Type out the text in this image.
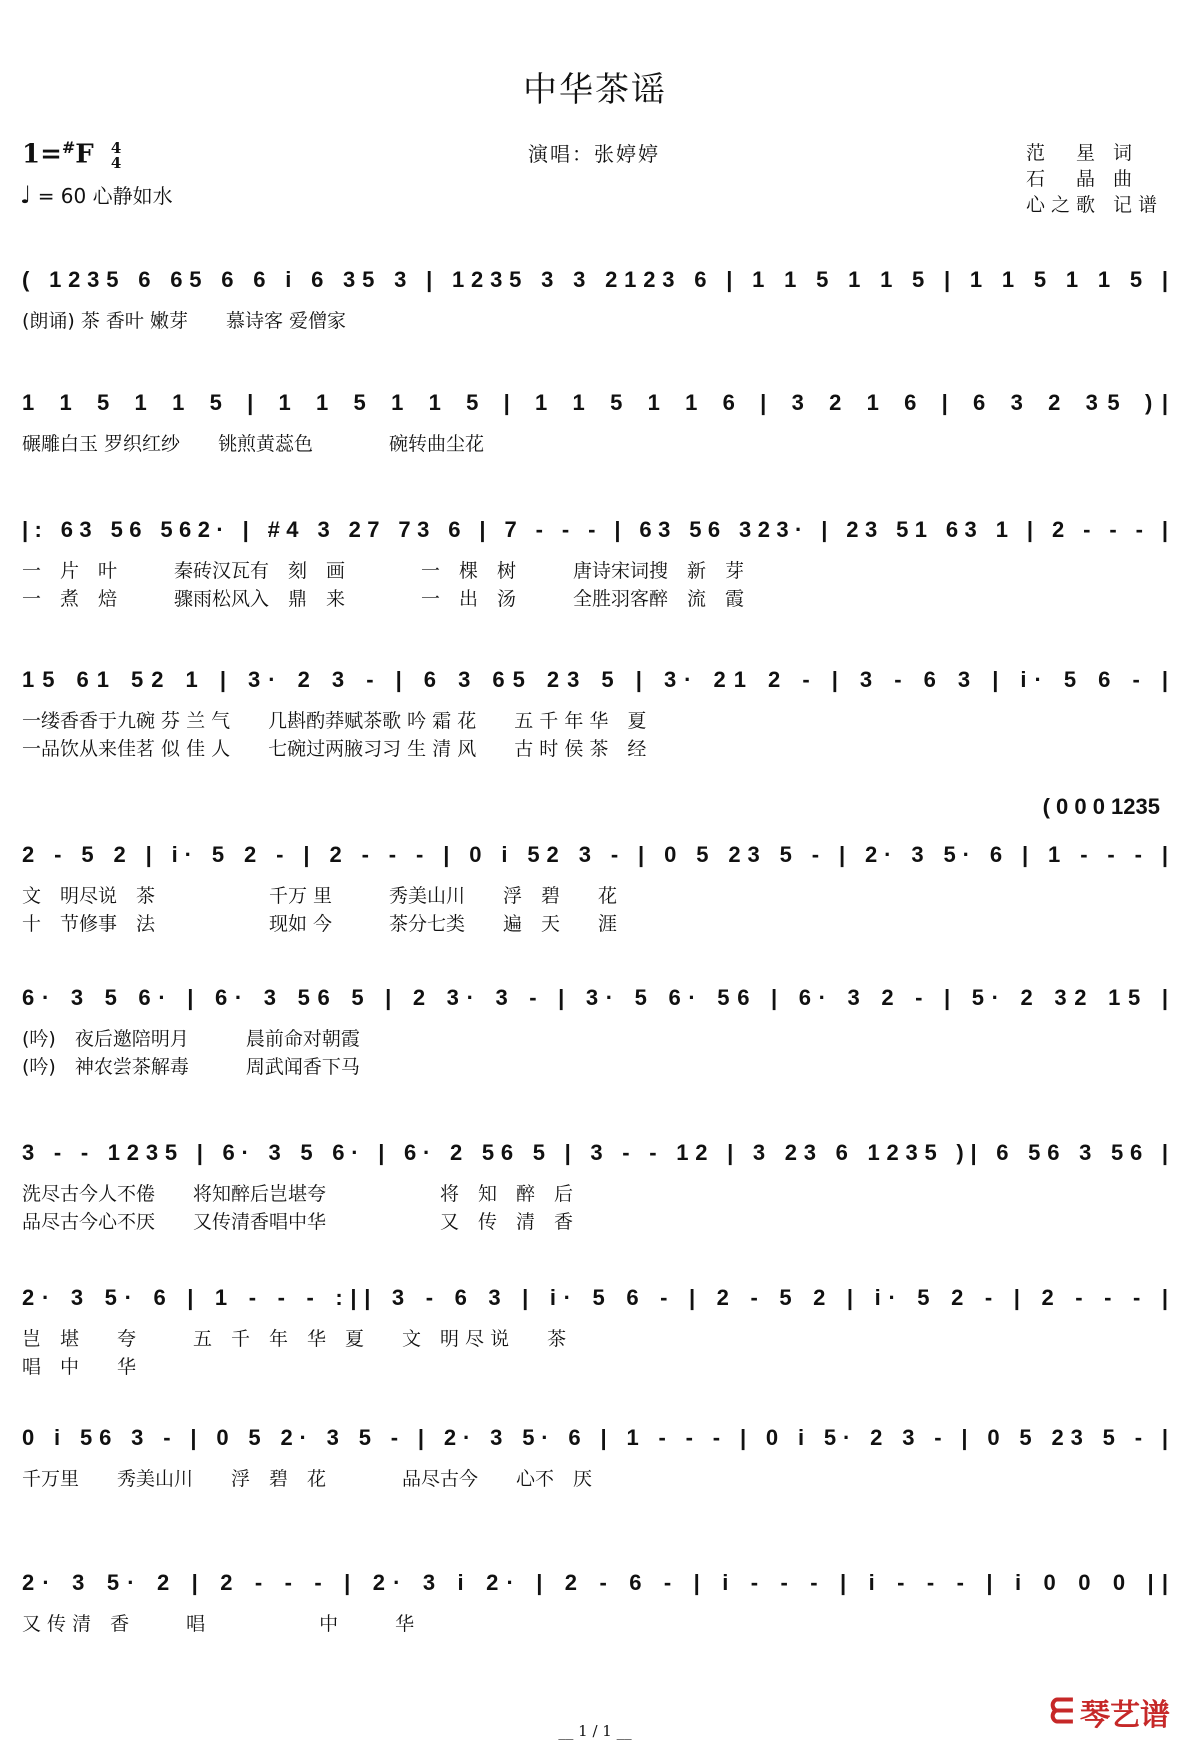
中华茶谣
1=#F 4
4
♩ = 60 心静如水
演唱：张婷婷	范　星 词
石　晶 曲
心之歌 记谱
( 1235 6 65 6 6 i 6 35 3 | 1235 3 3 2123 6 | 1 1 5 1 1 5 | 1 1 5 1 1 5 |
(朗诵) 茶 香叶 嫩芽　　慕诗客 爱僧家
1 1 5 1 1 5 | 1 1 5 1 1 5 | 1 1 5 1 1 6 | 3 2 1 6 | 6 3 2 35 )|
碾雕白玉 罗织红纱　　铫煎黄蕊色　　　　碗转曲尘花
|: 63 56 562· | #4 3 27 73 6 | 7 - - - | 63 56 323· | 23 51 63 1 | 2 - - - |
一　片　叶　　　秦砖汉瓦有　刻　画　　　　一　棵　树　　　唐诗宋词搜　新　芽
一　煮　焙　　　骤雨松风入　鼎　来　　　　一　出　汤　　　全胜羽客醉　流　霞
15 61 52 1 | 3· 2 3 - | 6 3 65 23 5 | 3· 21 2 - | 3 - 6 3 | i· 5 6 - |
一缕香香于九碗 芬 兰 气　　几斟酌莽赋茶歌 吟 霜 花　　五 千 年 华　夏
一品饮从来佳茗 似 佳 人　　七碗过两腋习习 生 清 风　　古 时 侯 茶　经
( 0 0 0 1235
2 - 5 2 | i· 5 2 - | 2 - - - | 0 i 52 3 - | 0 5 23 5 - | 2· 3 5· 6 | 1 - - - |
文　明尽说　茶　　　　　　千万 里　　　秀美山川　　浮　碧　　花
十　节修事　法　　　　　　现如 今　　　茶分七类　　遍　天　　涯
6· 3 5 6· | 6· 3 56 5 | 2 3· 3 - | 3· 5 6· 56 | 6· 3 2 - | 5· 2 32 15 |
(吟)　夜后邀陪明月　　　晨前命对朝霞
(吟)　神农尝茶解毒　　　周武闻香下马
3 - - 1235 | 6· 3 5 6· | 6· 2 56 5 | 3 - - 12 | 3 23 6 1235 )| 6 56 3 56 |
洗尽古今人不倦　　将知醉后岂堪夸　　　　　　将　知　醉　后
品尽古今心不厌　　又传清香唱中华　　　　　　又　传　清　香
2· 3 5· 6 | 1 - - - :|| 3 - 6 3 | i· 5 6 - | 2 - 5 2 | i· 5 2 - | 2 - - - |
岂　堪　　夸　　　五　千　年　华　夏　　文　明 尽 说　　茶
唱　中　　华
0 i 56 3 - | 0 5 2· 3 5 - | 2· 3 5· 6 | 1 - - - | 0 i 5· 2 3 - | 0 5 23 5 - |
千万里　　秀美山川　　浮　碧　花　　　　品尽古今　　心不　厌
2· 3 5· 2 | 2 - - - | 2· 3 i 2· | 2 - 6 - | i - - - | i - - - | i 0 0 0 ||
又 传 清　香　　　唱　　　　　　中　　　华
__ 1 / 1 __	ᗴ 琴艺谱
